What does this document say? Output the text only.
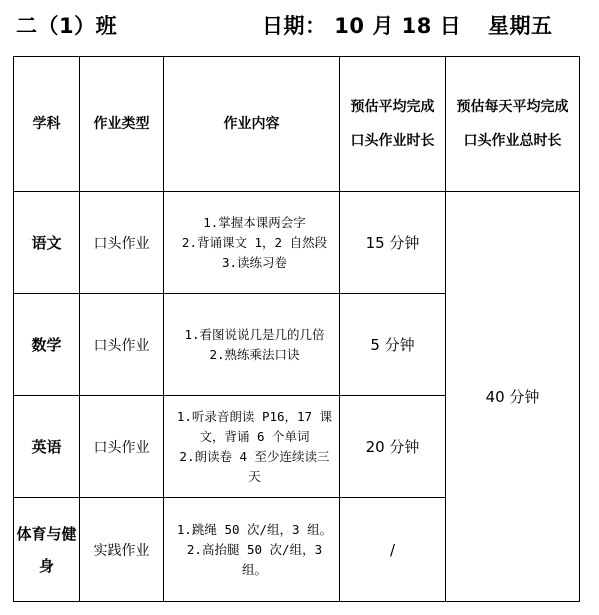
二（1）班	日期： 10 月 18 日 星期五
学科	作业类型	作业内容	预估平均完成口头作业时长	预估每天平均完成口头作业总时长
语文	口头作业	1.掌握本课两会字
2.背诵课文 1，2 自然段
3.读练习卷	15 分钟	40 分钟
数学	口头作业	1.看图说说几是几的几倍
2.熟练乘法口诀	5 分钟	
英语	口头作业	1.听录音朗读 P16，17 课文，背诵 6 个单词
2.朗读卷 4 至少连续读三天	20 分钟	
体育与健身	实践作业	1.跳绳 50 次/组，3 组。
2.高抬腿 50 次/组，3 组。	/	
